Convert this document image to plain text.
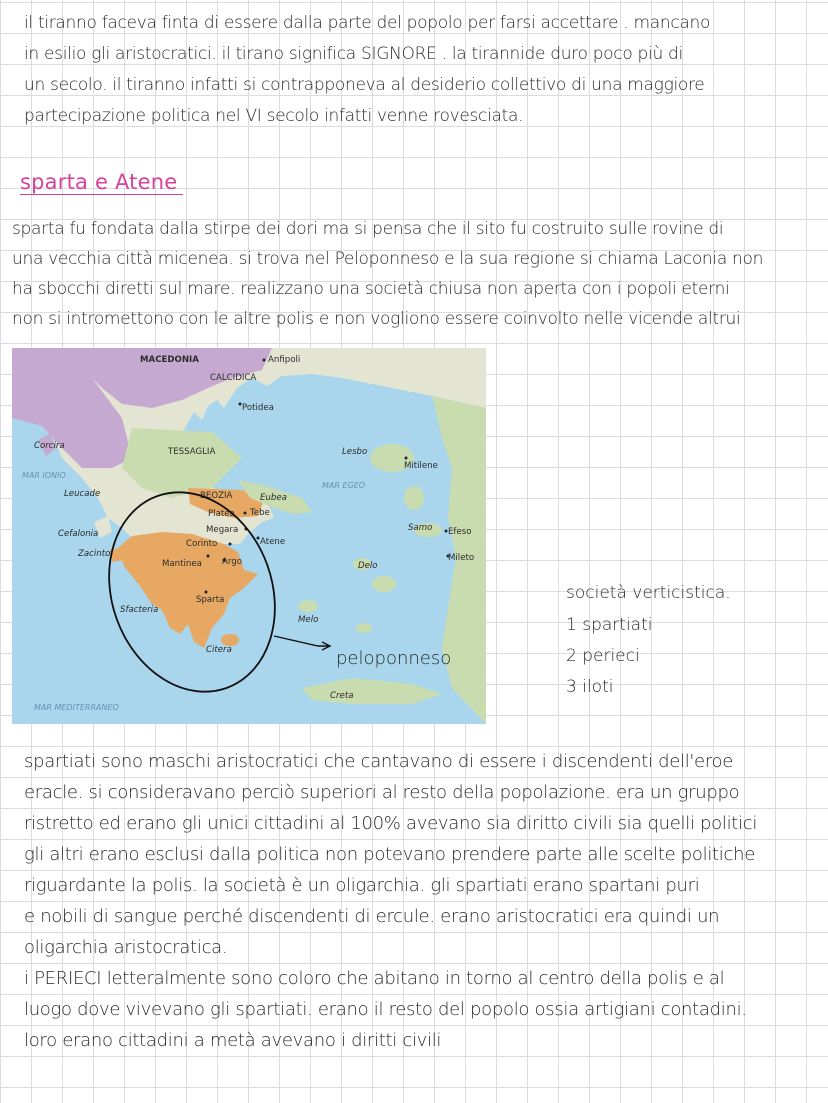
il tiranno faceva finta di essere dalla parte del popolo per farsi accettare . mancano
in esilio gli aristocratici. il tirano significa SIGNORE . la tirannide duro poco più di
un secolo. il tiranno infatti si contrapponeva al desiderio collettivo di una maggiore
partecipazione politica nel VI secolo infatti venne rovesciata.
sparta e Atene
sparta fu fondata dalla stirpe dei dori ma si pensa che il sito fu costruito sulle rovine di
una vecchia città micenea. si trova nel Peloponneso e la sua regione si chiama Laconia non
ha sbocchi diretti sul mare. realizzano una società chiusa non aperta con i popoli eterni
non si intromettono con le altre polis e non vogliono essere coinvolto nelle vicende altrui
MACEDONIA
CALCIDICA
TESSAGLIA
BEOZIA
MAR IONIO
MAR EGEO
MAR MEDITERRANEO
Anfipoli
Potidea
Corcira
Lesbo
Mitilene
Leucade	Eubea
Platea Tebe
Megara
Cefalonia
Corinto	Atene
Samo Efeso
Zacinto
Mantinea Argo	Delo
Mileto
Sparta
Sfacteria
Melo
Citera
Creta
peloponneso
società verticistica.
1 spartiati
2 perieci
3 iloti
spartiati sono maschi aristocratici che cantavano di essere i discendenti dell'eroe
eracle. si consideravano perciò superiori al resto della popolazione. era un gruppo
ristretto ed erano gli unici cittadini al 100% avevano sia diritto civili sia quelli politici
gli altri erano esclusi dalla politica non potevano prendere parte alle scelte politiche
riguardante la polis. la società è un oligarchia. gli spartiati erano spartani puri
e nobili di sangue perché discendenti di ercule. erano aristocratici era quindi un
oligarchia aristocratica.
i PERIECI letteralmente sono coloro che abitano in torno al centro della polis e al
luogo dove vivevano gli spartiati. erano il resto del popolo ossia artigiani contadini.
loro erano cittadini a metà avevano i diritti civili
